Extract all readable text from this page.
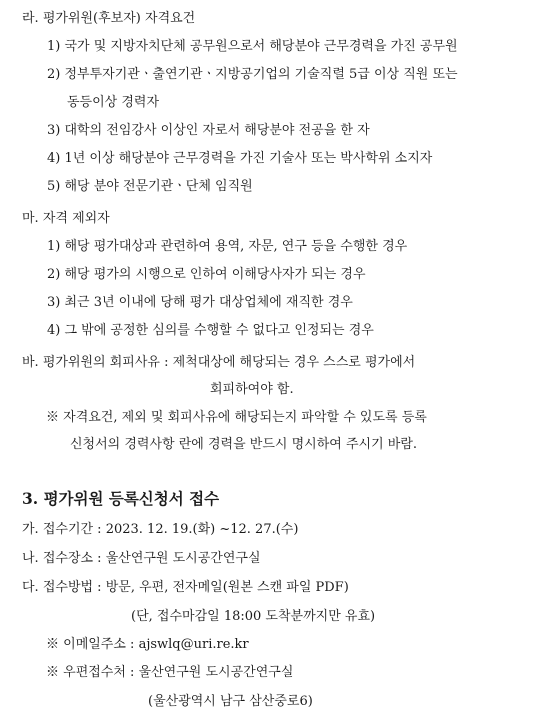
라. 평가위원(후보자) 자격요건
1) 국가 및 지방자치단체 공무원으로서 해당분야 근무경력을 가진 공무원
2) 정부투자기관ㆍ출연기관ㆍ지방공기업의 기술직렬 5급 이상 직원 또는
동등이상 경력자
3) 대학의 전임강사 이상인 자로서 해당분야 전공을 한 자
4) 1년 이상 해당분야 근무경력을 가진 기술사 또는 박사학위 소지자
5) 해당 분야 전문기관ㆍ단체 임직원
마. 자격 제외자
1) 해당 평가대상과 관련하여 용역, 자문, 연구 등을 수행한 경우
2) 해당 평가의 시행으로 인하여 이해당사자가 되는 경우
3) 최근 3년 이내에 당해 평가 대상업체에 재직한 경우
4) 그 밖에 공정한 심의를 수행할 수 없다고 인정되는 경우
바. 평가위원의 회피사유 : 제척대상에 해당되는 경우 스스로 평가에서
회피하여야 함.
※ 자격요건, 제외 및 회피사유에 해당되는지 파악할 수 있도록 등록
신청서의 경력사항 란에 경력을 반드시 명시하여 주시기 바람.
3. 평가위원 등록신청서 접수
가. 접수기간 : 2023. 12. 19.(화) ~12. 27.(수)
나. 접수장소 : 울산연구원 도시공간연구실
다. 접수방법 : 방문, 우편, 전자메일(원본 스캔 파일 PDF)
(단, 접수마감일 18:00 도착분까지만 유효)
※ 이메일주소 : ajswlq@uri.re.kr
※ 우편접수처 : 울산연구원 도시공간연구실
(울산광역시 남구 삼산중로6)
